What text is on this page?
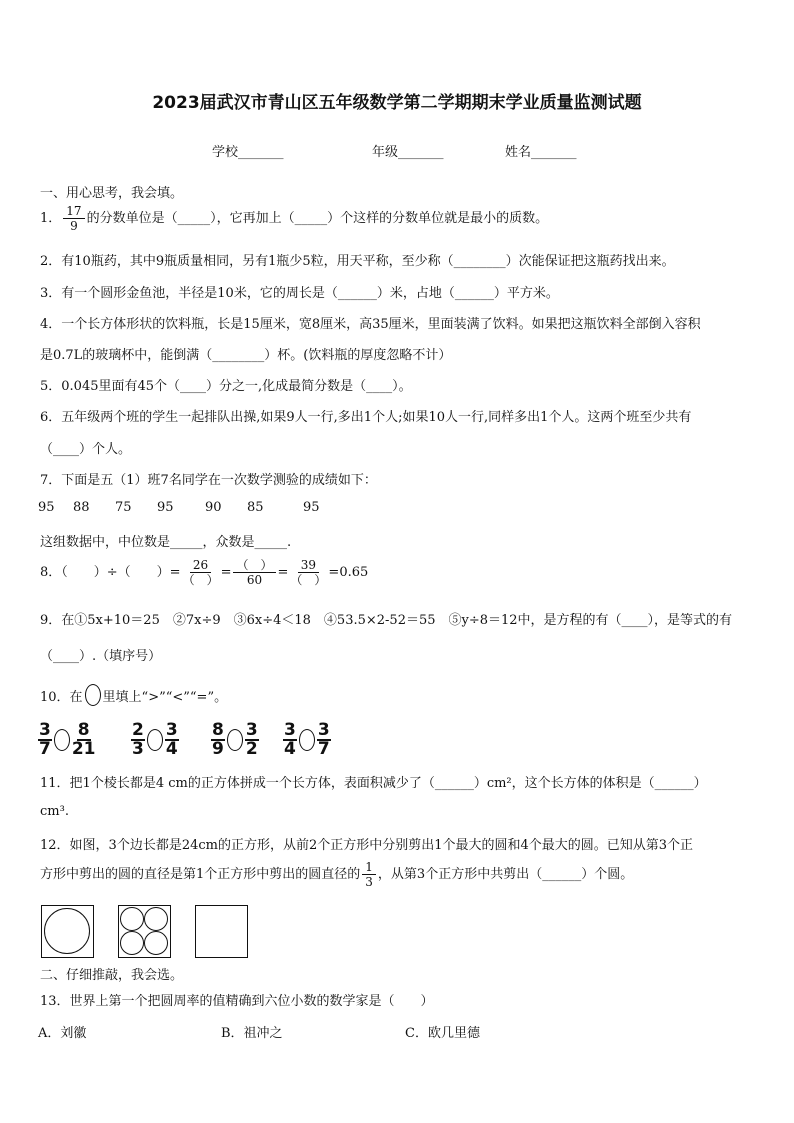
2023届武汉市青山区五年级数学第二学期期末学业质量监测试题
学校_______	年级_______	姓名_______
一、用心思考，我会填。
1． $\frac{17}{9}$ 的分数单位是（_____），它再加上（_____）个这样的分数单位就是最小的质数。
2．有10瓶药，其中9瓶质量相同，另有1瓶少5粒，用天平称，至少称（________）次能保证把这瓶药找出来。
3．有一个圆形金鱼池，半径是10米，它的周长是（______）米，占地（______）平方米。
4．一个长方体形状的饮料瓶，长是15厘米，宽8厘米，高35厘米，里面装满了饮料。如果把这瓶饮料全部倒入容积
是0.7L的玻璃杯中，能倒满（________）杯。(饮料瓶的厚度忽略不计）
5．0.045里面有45个（____）分之一,化成最简分数是（____）。
6．五年级两个班的学生一起排队出操,如果9人一行,多出1个人;如果10人一行,同样多出1个人。这两个班至少共有
（____）个人。
7．下面是五（1）班7名同学在一次数学测验的成绩如下：
95 88 75 95 90 85	95
这组数据中，中位数是_____，众数是_____.
8．（　　）÷（　　）= $\frac{26}{( )} = \frac{( )}{60} = \frac{39}{( )} =0.65$
9．在①5x+10＝25　②7x÷9　③6x÷4＜18　④53.5×2-52＝55　⑤y÷8＝12中，是方程的有（____），是等式的有
（____）.（填序号）
10．在 里填上“>”“<”“=”。
$\frac{3}{7} \frac{8}{21} \frac{2}{3} \frac{3}{4} \frac{8}{9} \frac{3}{2} \frac{3}{4} \frac{3}{7}$
11．把1个棱长都是4 cm的正方体拼成一个长方体，表面积减少了（______）cm²，这个长方体的体积是（______）
cm³.
12．如图，3个边长都是24cm的正方形，从前2个正方形中分别剪出1个最大的圆和4个最大的圆。已知从第3个正
方形中剪出的圆的直径是第1个正方形中剪出的圆直径的 $\frac{1}{3}$ ，从第3个正方形中共剪出（______）个圆。
二、仔细推敲，我会选。
13．世界上第一个把圆周率的值精确到六位小数的数学家是（　　）
A．刘徽	B．祖冲之	C．欧几里德
